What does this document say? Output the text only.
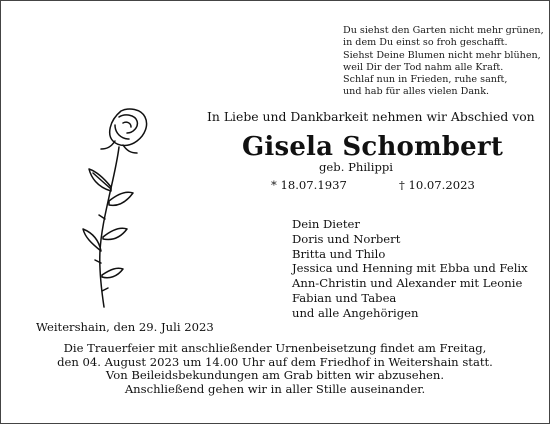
Du siehst den Garten nicht mehr grünen,
in dem Du einst so froh geschafft.
Siehst Deine Blumen nicht mehr blühen,
weil Dir der Tod nahm alle Kraft.
Schlaf nun in Frieden, ruhe sanft,
und hab für alles vielen Dank.
In Liebe und Dankbarkeit nehmen wir Abschied von
Gisela Schombert
geb. Philippi
* 18.07.1937	† 10.07.2023
Dein Dieter
Doris und Norbert
Britta und Thilo
Jessica und Henning mit Ebba und Felix
Ann-Christin und Alexander mit Leonie
Fabian und Tabea
und alle Angehörigen
Weitershain, den 29. Juli 2023
Die Trauerfeier mit anschließender Urnenbeisetzung findet am Freitag,
den 04. August 2023 um 14.00 Uhr auf dem Friedhof in Weitershain statt.
Von Beileidsbekundungen am Grab bitten wir abzusehen.
Anschließend gehen wir in aller Stille auseinander.
